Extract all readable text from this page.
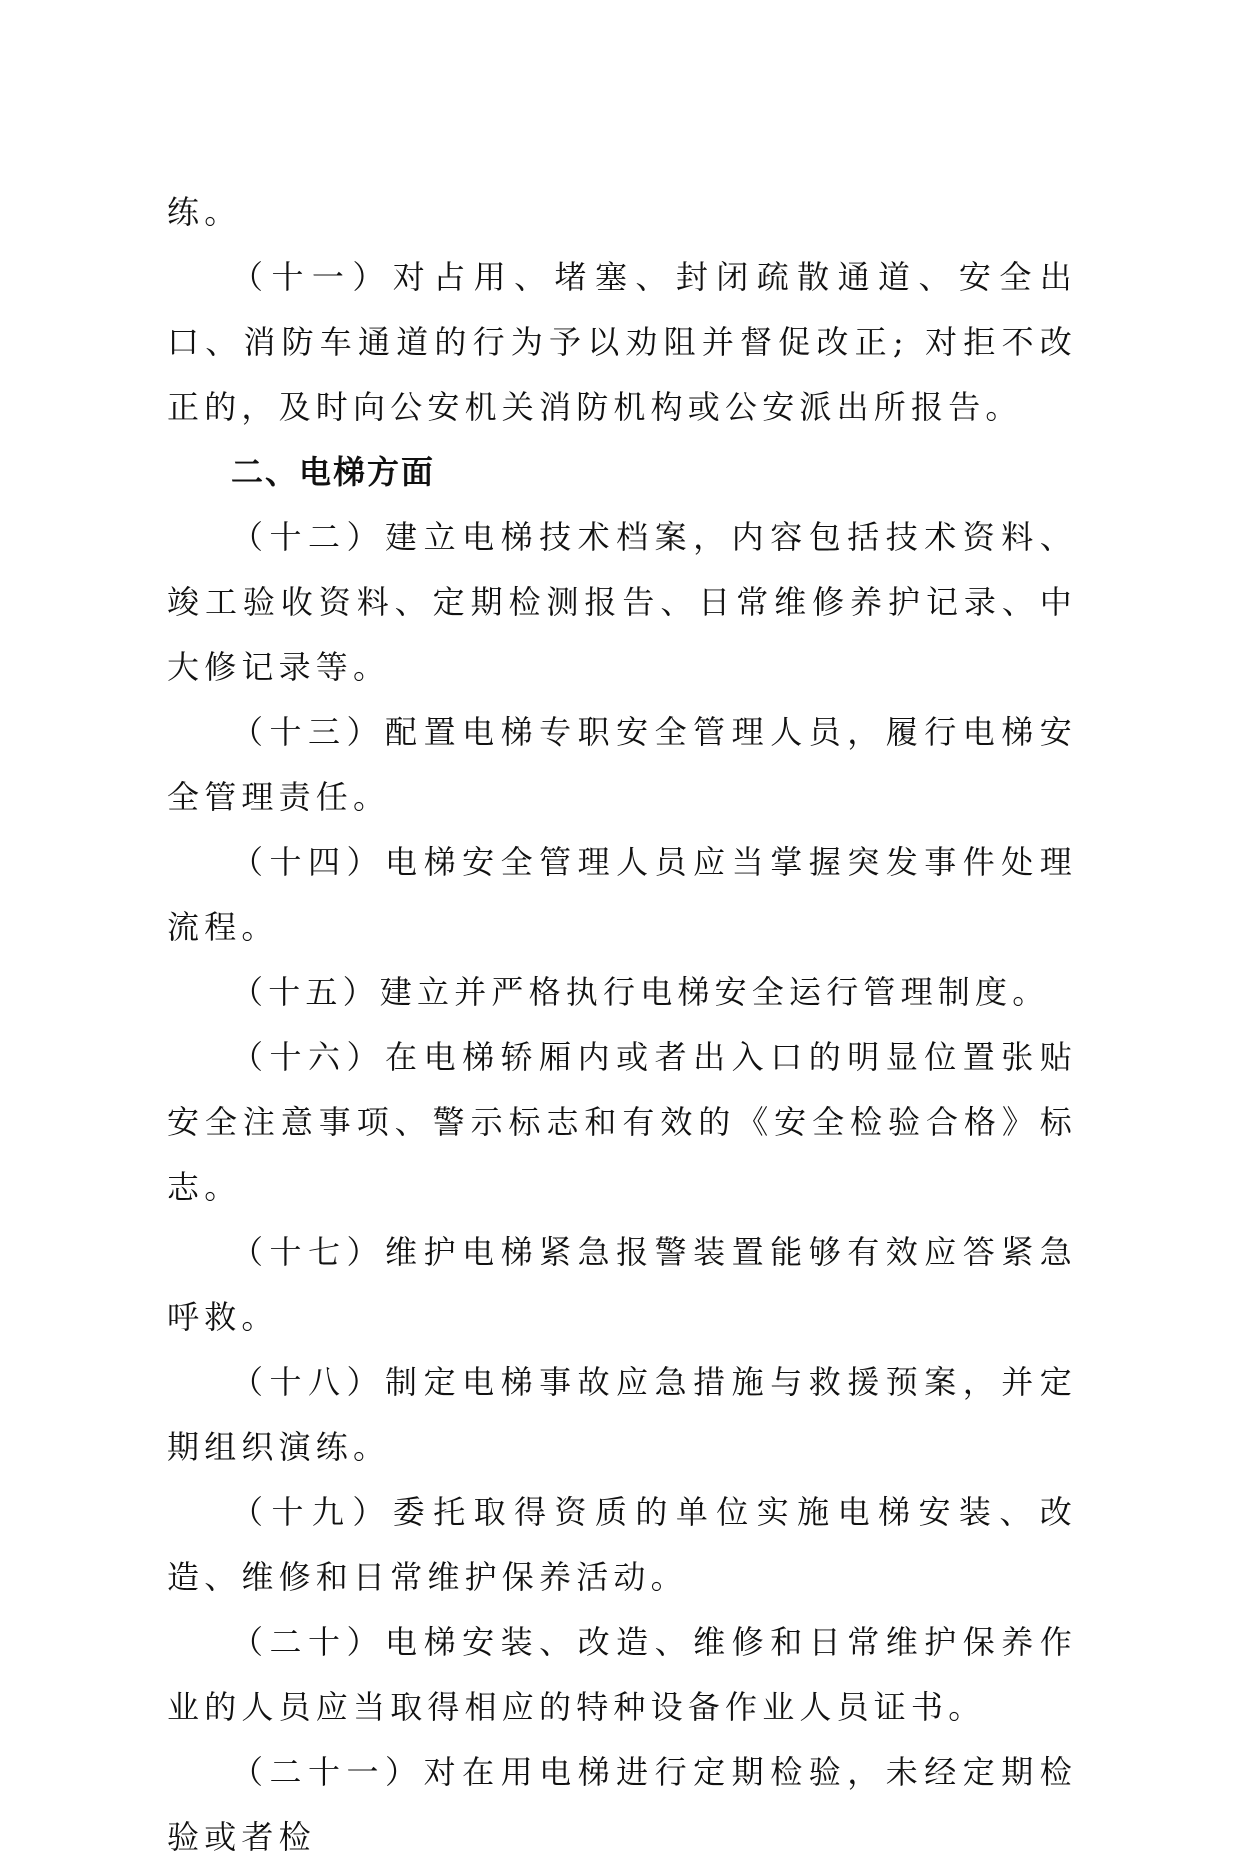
练。

（十一）对占用、堵塞、封闭疏散通道、安全出口、消防车通道的行为予以劝阻并督促改正; 对拒不改正的，及时向公安机关消防机构或公安派出所报告。

二、电梯方面

（十二）建立电梯技术档案，内容包括技术资料、竣工验收资料、定期检测报告、日常维修养护记录、中大修记录等。

（十三）配置电梯专职安全管理人员，履行电梯安全管理责任。

（十四）电梯安全管理人员应当掌握突发事件处理流程。

（十五）建立并严格执行电梯安全运行管理制度。

（十六）在电梯轿厢内或者出入口的明显位置张贴安全注意事项、警示标志和有效的《安全检验合格》标志。

（十七）维护电梯紧急报警装置能够有效应答紧急呼救。

（十八）制定电梯事故应急措施与救援预案，并定期组织演练。

（十九）委托取得资质的单位实施电梯安装、改造、维修和日常维护保养活动。

（二十）电梯安装、改造、维修和日常维护保养作业的人员应当取得相应的特种设备作业人员证书。

（二十一）对在用电梯进行定期检验，未经定期检验或者检
